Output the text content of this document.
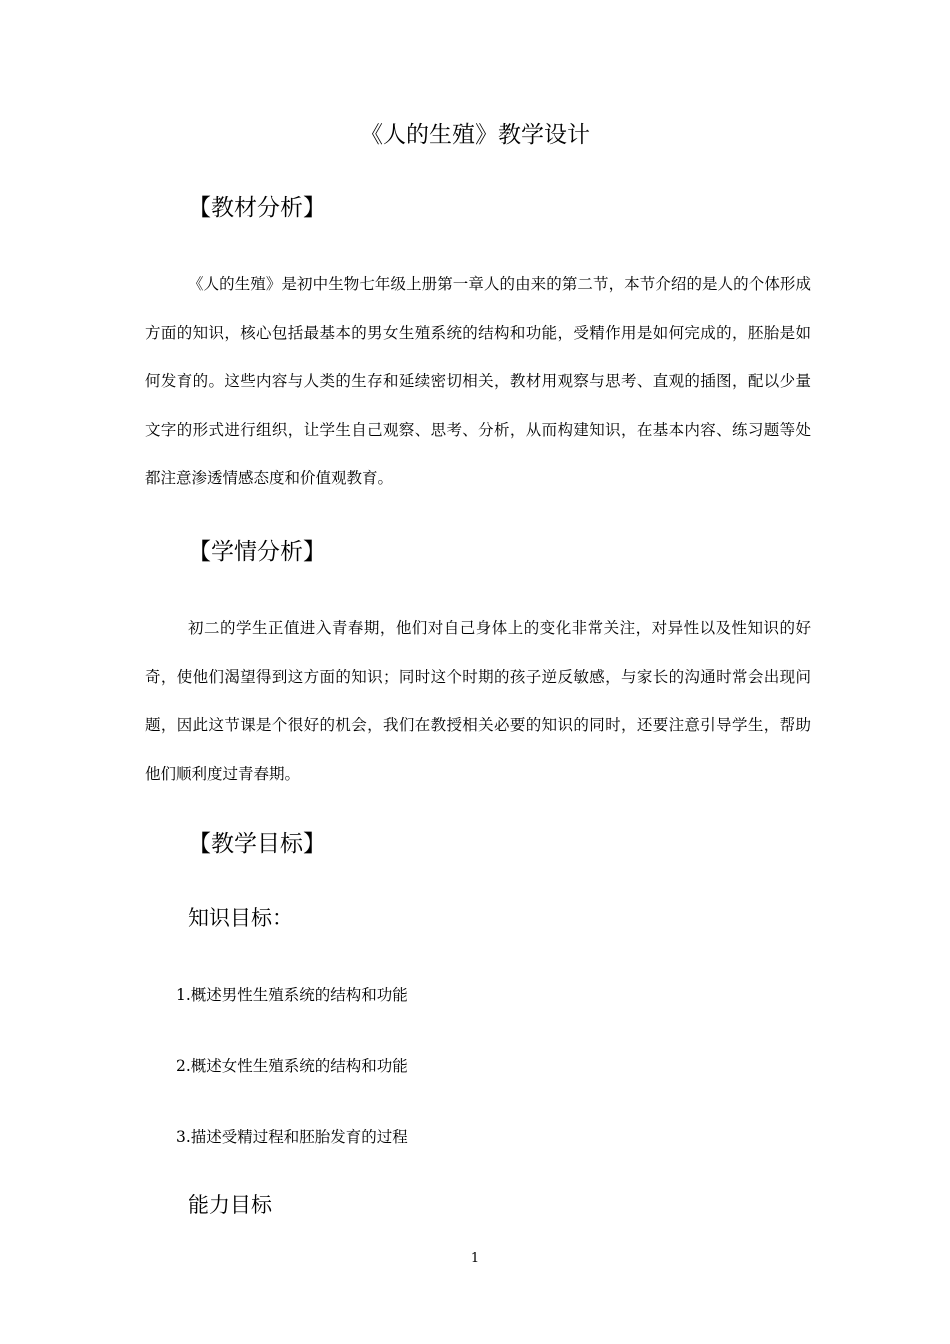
《人的生殖》教学设计
【教材分析】

《人的生殖》是初中生物七年级上册第一章人的由来的第二节，本节介绍的是人的个体形成方面的知识，核心包括最基本的男女生殖系统的结构和功能，受精作用是如何完成的，胚胎是如何发育的。这些内容与人类的生存和延续密切相关，教材用观察与思考、直观的插图，配以少量文字的形式进行组织，让学生自己观察、思考、分析，从而构建知识，在基本内容、练习题等处都注意渗透情感态度和价值观教育。

【学情分析】

初二的学生正值进入青春期，他们对自己身体上的变化非常关注，对异性以及性知识的好奇，使他们渴望得到这方面的知识；同时这个时期的孩子逆反敏感，与家长的沟通时常会出现问题，因此这节课是个很好的机会，我们在教授相关必要的知识的同时，还要注意引导学生，帮助他们顺利度过青春期。

【教学目标】
知识目标：

1.概述男性生殖系统的结构和功能

2.概述女性生殖系统的结构和功能

3.描述受精过程和胚胎发育的过程

能力目标
1
